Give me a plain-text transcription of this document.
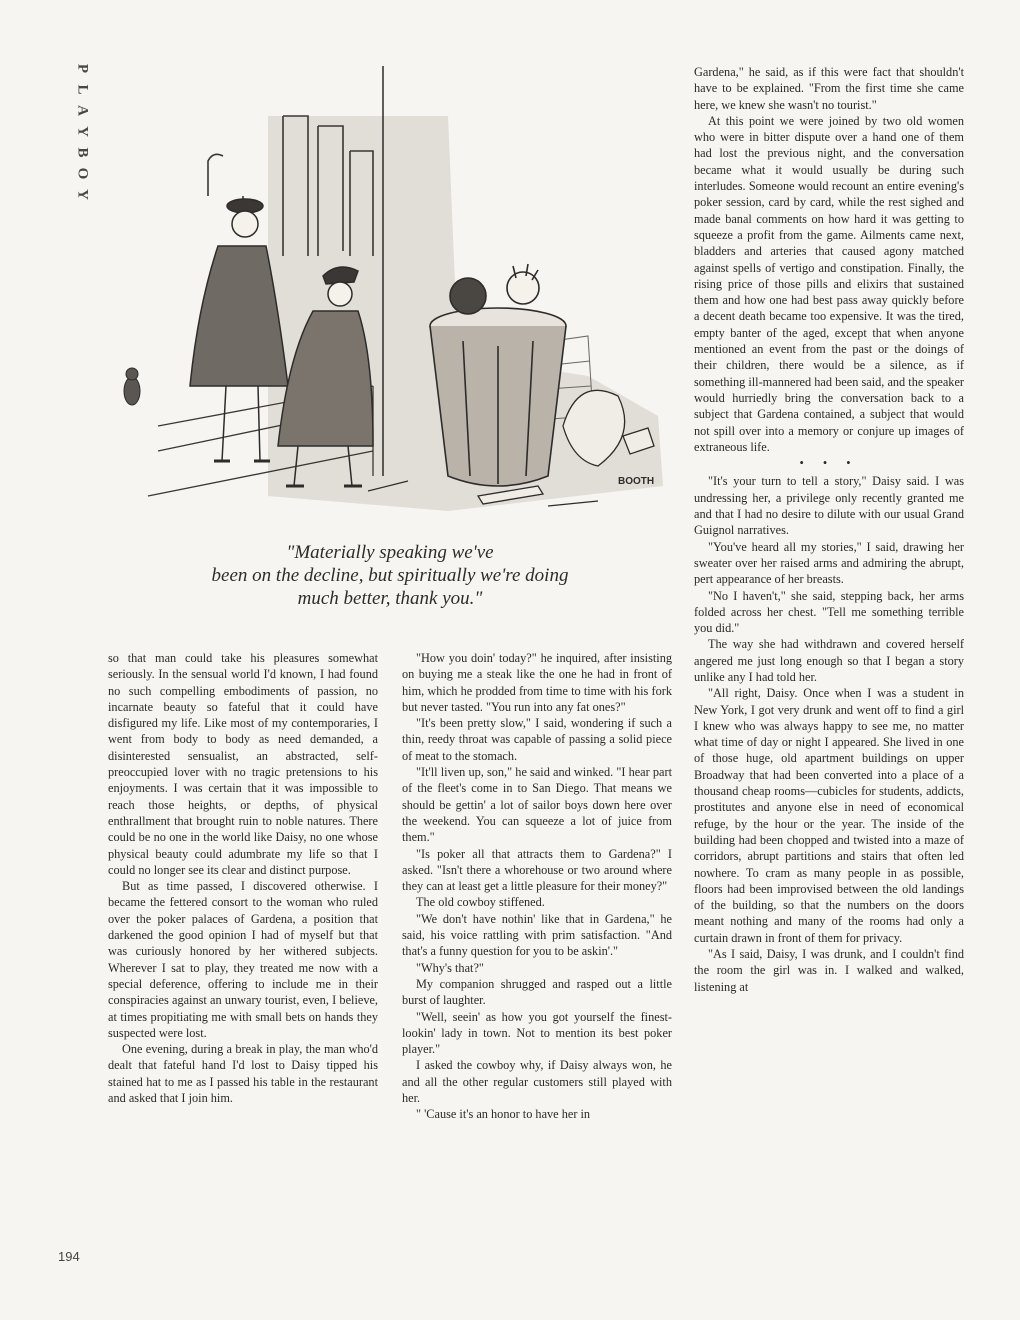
P
L
A
Y
B
O
Y
BOOTH
"Materially speaking we've
been on the decline, but spiritually we're doing
much better, thank you."

Gardena," he said, as if this were fact that shouldn't have to be explained. "From the first time she came here, we knew she wasn't no tourist."

At this point we were joined by two old women who were in bitter dispute over a hand one of them had lost the previous night, and the conversation became what it would usually be during such interludes. Someone would recount an entire evening's poker session, card by card, while the rest sighed and made banal comments on how hard it was getting to squeeze a profit from the game. Ailments came next, bladders and arteries that caused agony matched against spells of vertigo and constipation. Finally, the rising price of those pills and elixirs that sustained them and how one had best pass away quickly before a decent death became too expensive. It was the tired, empty banter of the aged, except that when anyone mentioned an event from the past or the doings of their children, there would be a silence, as if something ill-mannered had been said, and the speaker would hurriedly bring the conversation back to a subject that Gardena contained, a subject that would not spill over into a memory or conjure up images of extraneous life.

• • •

"It's your turn to tell a story," Daisy said. I was undressing her, a privilege only recently granted me and that I had no desire to dilute with our usual Grand Guignol narratives.

"You've heard all my stories," I said, drawing her sweater over her raised arms and admiring the abrupt, pert appearance of her breasts.

"No I haven't," she said, stepping back, her arms folded across her chest. "Tell me something terrible you did."

The way she had withdrawn and covered herself angered me just long enough so that I began a story unlike any I had told her.

"All right, Daisy. Once when I was a student in New York, I got very drunk and went off to find a girl I knew who was always happy to see me, no matter what time of day or night I appeared. She lived in one of those huge, old apartment buildings on upper Broadway that had been converted into a place of a thousand cheap rooms—cubicles for students, addicts, prostitutes and anyone else in need of economical refuge, by the hour or the year. The inside of the building had been chopped and twisted into a maze of corridors, abrupt partitions and stairs that often led nowhere. To cram as many people in as possible, floors had been improvised between the old landings of the building, so that the numbers on the doors meant nothing and many of the rooms had only a curtain drawn in front of them for privacy.

"As I said, Daisy, I was drunk, and I couldn't find the room the girl was in. I walked and walked, listening at

so that man could take his pleasures somewhat seriously. In the sensual world I'd known, I had found no such compelling embodiments of passion, no incarnate beauty so fateful that it could have disfigured my life. Like most of my contemporaries, I went from body to body as need demanded, a disinterested sensualist, an abstracted, self-preoccupied lover with no tragic pretensions to his enjoyments. I was certain that it was impossible to reach those heights, or depths, of physical enthrallment that brought ruin to noble natures. There could be no one in the world like Daisy, no one whose physical beauty could adumbrate my life so that I could no longer see its clear and distinct purpose.

But as time passed, I discovered otherwise. I became the fettered consort to the woman who ruled over the poker palaces of Gardena, a position that darkened the good opinion I had of myself but that was curiously honored by her withered subjects. Wherever I sat to play, they treated me now with a special deference, offering to include me in their conspiracies against an unwary tourist, even, I believe, at times propitiating me with small bets on hands they suspected were lost.

One evening, during a break in play, the man who'd dealt that fateful hand I'd lost to Daisy tipped his stained hat to me as I passed his table in the restaurant and asked that I join him.

"How you doin' today?" he inquired, after insisting on buying me a steak like the one he had in front of him, which he prodded from time to time with his fork but never tasted. "You run into any fat ones?"

"It's been pretty slow," I said, wondering if such a thin, reedy throat was capable of passing a solid piece of meat to the stomach.

"It'll liven up, son," he said and winked. "I hear part of the fleet's come in to San Diego. That means we should be gettin' a lot of sailor boys down here over the weekend. You can squeeze a lot of juice from them."

"Is poker all that attracts them to Gardena?" I asked. "Isn't there a whorehouse or two around where they can at least get a little pleasure for their money?"

The old cowboy stiffened.

"We don't have nothin' like that in Gardena," he said, his voice rattling with prim satisfaction. "And that's a funny question for you to be askin'."

"Why's that?"

My companion shrugged and rasped out a little burst of laughter.

"Well, seein' as how you got yourself the finest-lookin' lady in town. Not to mention its best poker player."

I asked the cowboy why, if Daisy always won, he and all the other regular customers still played with her.

" 'Cause it's an honor to have her in

194
